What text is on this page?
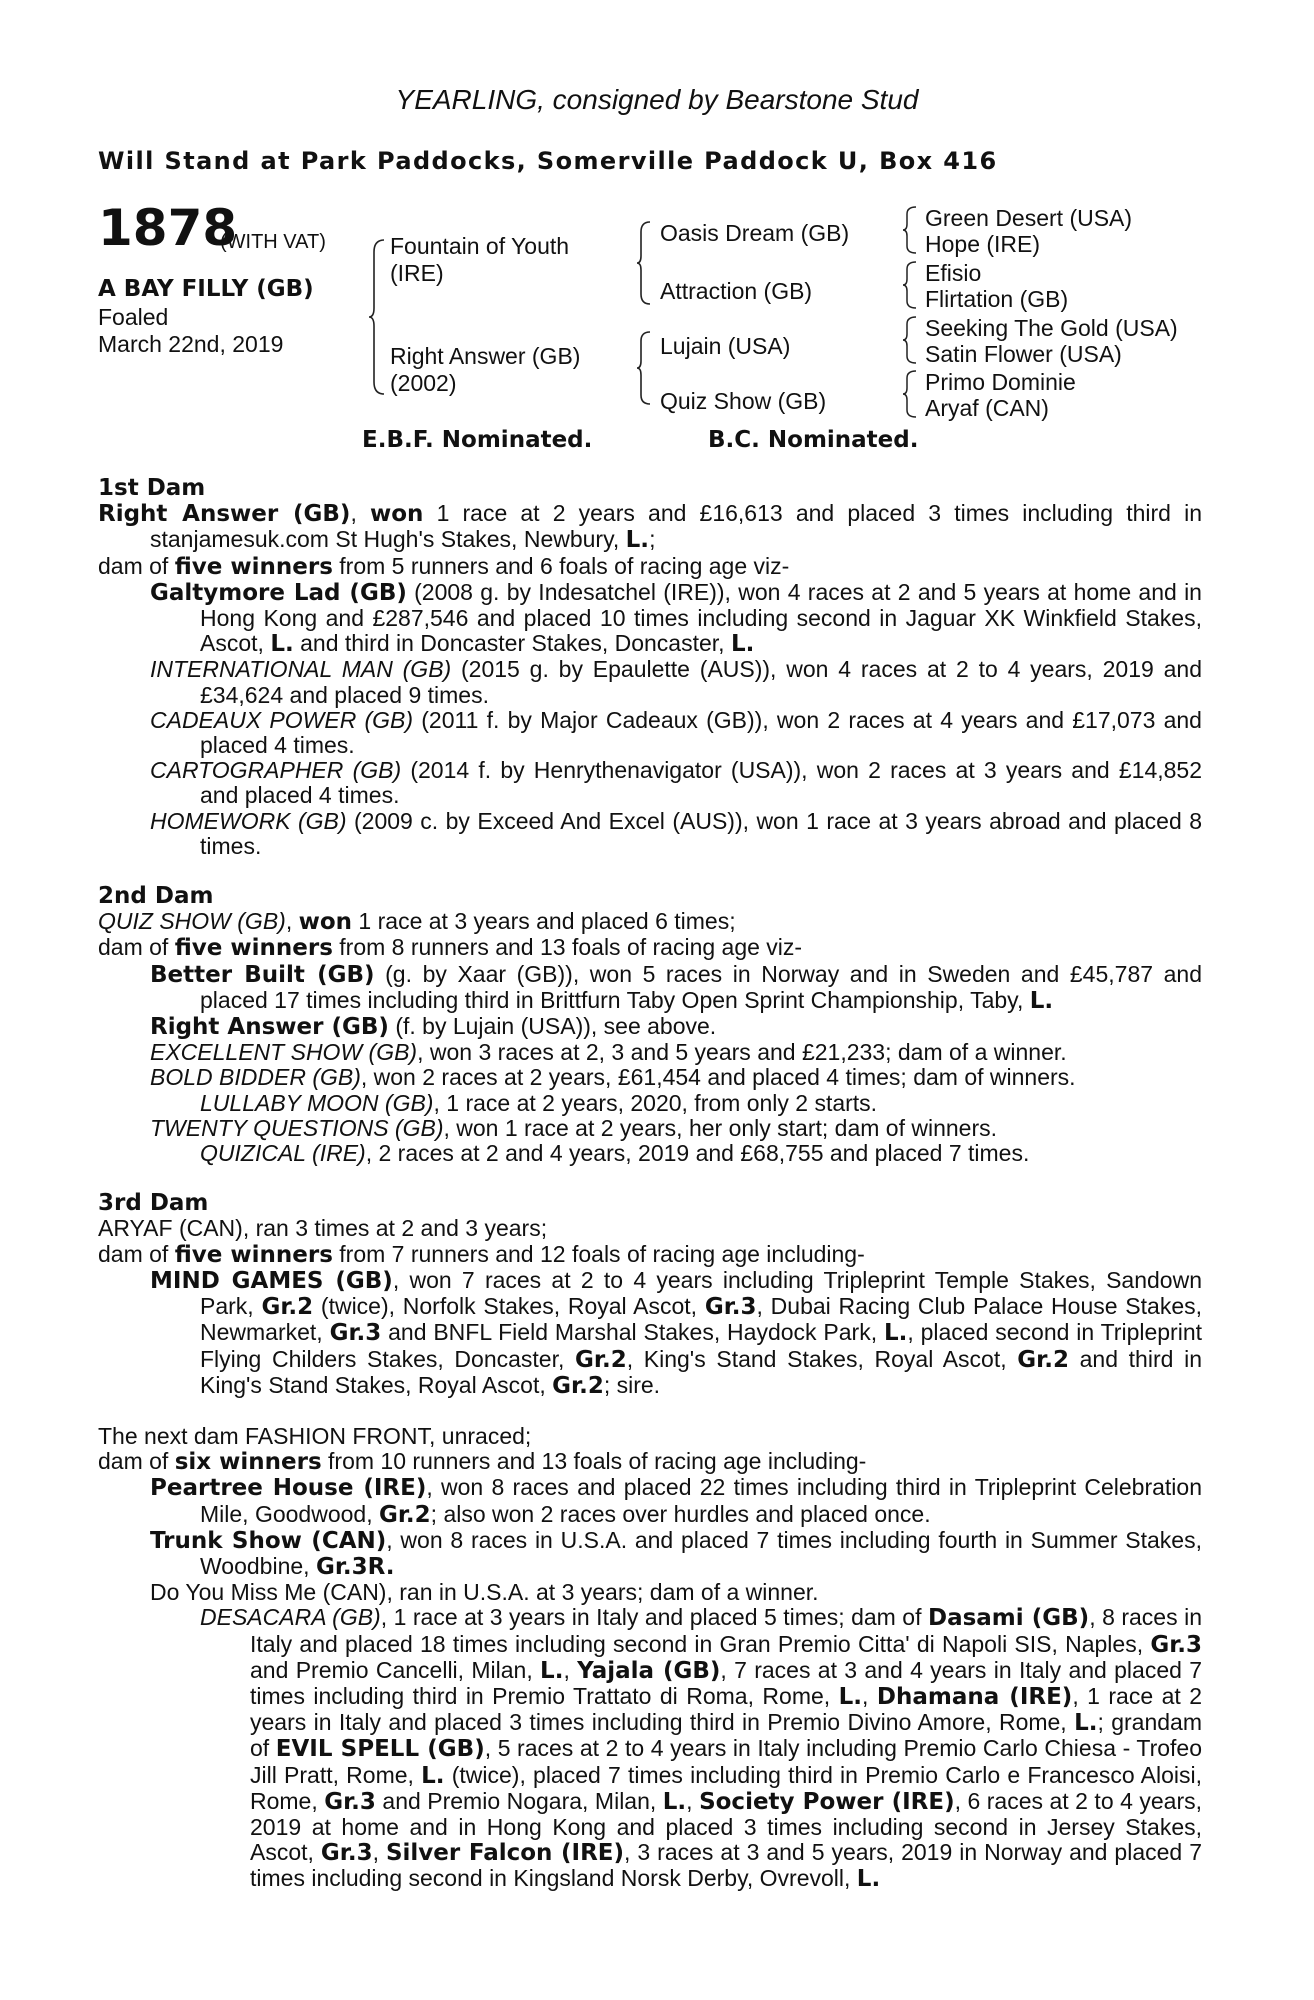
YEARLING, consigned by Bearstone Stud
Will Stand at Park Paddocks, Somerville Paddock U, Box 416
1878
(WITH VAT)
A BAY FILLY (GB)
Foaled
March 22nd, 2019
Fountain of Youth
(IRE)
Right Answer (GB)
(2002)
Oasis Dream (GB)
Attraction (GB)
Lujain (USA)
Quiz Show (GB)
Green Desert (USA)
Hope (IRE)
Efisio
Flirtation (GB)
Seeking The Gold (USA)
Satin Flower (USA)
Primo Dominie
Aryaf (CAN)
E.B.F. Nominated.	B.C. Nominated.
1st Dam

Right Answer (GB), won 1 race at 2 years and £16,613 and placed 3 times including third in stanjamesuk.com St Hugh's Stakes, Newbury, L.;

dam of five winners from 5 runners and 6 foals of racing age viz-

Galtymore Lad (GB) (2008 g. by Indesatchel (IRE)), won 4 races at 2 and 5 years at home and in Hong Kong and £287,546 and placed 10 times including second in Jaguar XK Winkfield Stakes, Ascot, L. and third in Doncaster Stakes, Doncaster, L.

INTERNATIONAL MAN (GB) (2015 g. by Epaulette (AUS)), won 4 races at 2 to 4 years, 2019 and £34,624 and placed 9 times.

CADEAUX POWER (GB) (2011 f. by Major Cadeaux (GB)), won 2 races at 4 years and £17,073 and placed 4 times.

CARTOGRAPHER (GB) (2014 f. by Henrythenavigator (USA)), won 2 races at 3 years and £14,852 and placed 4 times.

HOMEWORK (GB) (2009 c. by Exceed And Excel (AUS)), won 1 race at 3 years abroad and placed 8 times.

2nd Dam

QUIZ SHOW (GB), won 1 race at 3 years and placed 6 times;

dam of five winners from 8 runners and 13 foals of racing age viz-

Better Built (GB) (g. by Xaar (GB)), won 5 races in Norway and in Sweden and £45,787 and placed 17 times including third in Brittfurn Taby Open Sprint Championship, Taby, L.

Right Answer (GB) (f. by Lujain (USA)), see above.

EXCELLENT SHOW (GB), won 3 races at 2, 3 and 5 years and £21,233; dam of a winner.

BOLD BIDDER (GB), won 2 races at 2 years, £61,454 and placed 4 times; dam of winners.

LULLABY MOON (GB), 1 race at 2 years, 2020, from only 2 starts.

TWENTY QUESTIONS (GB), won 1 race at 2 years, her only start; dam of winners.

QUIZICAL (IRE), 2 races at 2 and 4 years, 2019 and £68,755 and placed 7 times.

3rd Dam

ARYAF (CAN), ran 3 times at 2 and 3 years;

dam of five winners from 7 runners and 12 foals of racing age including-

MIND GAMES (GB), won 7 races at 2 to 4 years including Tripleprint Temple Stakes, Sandown Park, Gr.2 (twice), Norfolk Stakes, Royal Ascot, Gr.3, Dubai Racing Club Palace House Stakes, Newmarket, Gr.3 and BNFL Field Marshal Stakes, Haydock Park, L., placed second in Tripleprint Flying Childers Stakes, Doncaster, Gr.2, King's Stand Stakes, Royal Ascot, Gr.2 and third in King's Stand Stakes, Royal Ascot, Gr.2; sire.

The next dam FASHION FRONT, unraced;

dam of six winners from 10 runners and 13 foals of racing age including-

Peartree House (IRE), won 8 races and placed 22 times including third in Tripleprint Celebration Mile, Goodwood, Gr.2; also won 2 races over hurdles and placed once.

Trunk Show (CAN), won 8 races in U.S.A. and placed 7 times including fourth in Summer Stakes, Woodbine, Gr.3R.

Do You Miss Me (CAN), ran in U.S.A. at 3 years; dam of a winner.

DESACARA (GB), 1 race at 3 years in Italy and placed 5 times; dam of Dasami (GB), 8 races in Italy and placed 18 times including second in Gran Premio Citta' di Napoli SIS, Naples, Gr.3 and Premio Cancelli, Milan, L., Yajala (GB), 7 races at 3 and 4 years in Italy and placed 7 times including third in Premio Trattato di Roma, Rome, L., Dhamana (IRE), 1 race at 2 years in Italy and placed 3 times including third in Premio Divino Amore, Rome, L.; grandam of EVIL SPELL (GB), 5 races at 2 to 4 years in Italy including Premio Carlo Chiesa - Trofeo Jill Pratt, Rome, L. (twice), placed 7 times including third in Premio Carlo e Francesco Aloisi, Rome, Gr.3 and Premio Nogara, Milan, L., Society Power (IRE), 6 races at 2 to 4 years, 2019 at home and in Hong Kong and placed 3 times including second in Jersey Stakes, Ascot, Gr.3, Silver Falcon (IRE), 3 races at 3 and 5 years, 2019 in Norway and placed 7 times including second in Kingsland Norsk Derby, Ovrevoll, L.
